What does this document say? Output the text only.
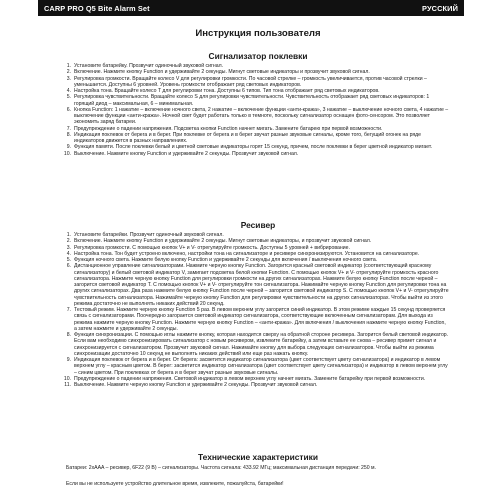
CARP PRO Q5 Bite Alarm Set	РУССКИЙ
Инструкция пользователя
Сигнализатор поклевки
1. Установите батарейку. Прозвучит одиночный звуковой сигнал.
2. Включение. Нажмите кнопку Function и удерживайте 2 секунды. Мигнут световые индикаторы и прозвучит звуковой сигнал.
3. Регулировка громкости. Вращайте колесо V для регулировки громкости. По часовой стрелке – громкость увеличивается, против часовой стрелки – уменьшается. Доступны 6 уровней. Уровень громкости отображает ряд световых индикаторов.
4. Настройка тона. Вращайте колесо T для регулировки тона. Доступны 6 типов. Тип тона отображает ряд световых индикаторов.
5. Регулировка чувствительности. Вращайте колесо S для регулировки чувствительности. Чувствительность отображает ряд световых индикаторов: 1 горящий диод – максимальная, 6 – минимальная.
6. Кнопка Function: 1 нажатие – включение ночного света, 2 нажатие – включение функции «анти-кража», 3 нажатие – выключение ночного света, 4 нажатие – выключение функции «анти-кража». Ночной свет будет работать только в темноте, поскольку сигнализатор оснащен фото-сенсором. Это позволяет экономить заряд батареи.
7. Предупреждение о падении напряжения. Подсветка кнопки Function начнет мигать. Замените батарею при первой возможности.
8. Индикация поклевок от берега и в берег. При поклевке от берега и в берег звучат разные звуковые сигналы, кроме того, бегущий огонек на ряде индикаторов движется в разных направлениях.
9. Функция памяти. После поклевки белый и цветной световые индикаторы горят 15 секунд, причем, после поклевки в берег цветной индикатор мигает.
10. Выключение. Нажмите кнопку Function и удерживайте 2 секунды. Прозвучит звуковой сигнал.
Ресивер
1. Установите батарейки. Прозвучит одиночный звуковой сигнал.
2. Включение. Нажмите кнопку Function и удерживайте 2 секунды. Мигнут световые индикаторы, и прозвучит звуковой сигнал.
3. Регулировка громкости. С помощью кнопок V+ и V- отрегулируйте громкость. Доступны 5 уровней + вибрирование.
4. Настройка тона. Тон будет устроено включено, настройки тона на сигнализаторе и ресивере синхронизируются. Установится на сигнализаторе.
5. Функция ночного света. Нажмите белую кнопку Function и удерживайте 2 секунды для включения / выключения ночного света.
6. Дистанционное управление сигнализаторами. Нажмите черную кнопку Function. Загорится красный световой индикатор (соответствующий красному сигнализатору) и белый световой индикатор V, замигает подсветка белой кнопки Function. С помощью кнопок V+ и V- отрегулируйте громкость красного сигнализатора. Нажмите черную кнопку Function для регулировки громкости на других сигнализаторах. Нажмите белую кнопку Function после черной – загорится световой индикатор T. С помощью кнопок V+ и V- отрегулируйте тон сигнализатора. Нажимайте черную кнопку Function для регулировки тона на других сигнализаторах. Два раза нажмите белую кнопку Function после черной – загорится световой индикатор S. С помощью кнопок V+ и V- отрегулируйте чувствительность сигнализатора. Нажимайте черную кнопку Function для регулировки чувствительности на других сигнализаторах. Чтобы выйти из этого режима достаточно не выполнять никаких действий 20 секунд.
7. Тестовый режим. Нажмите черную кнопку Function 5 раз. В левом верхнем углу загорится синий индикатор. В этом режиме каждые 15 секунд проверяется связь с сигнализаторами. Поочередно загорается световой индикатор сигнализатора, соответствующие включенным сигнализаторам. Для выхода из режима нажмите черную кнопку Function. Нажмите черную кнопку Function – «анти-кража». Для включения / выключения нажмите черную кнопку Function, а затем нажмите и удерживайте 2 секунды.
8. Функция синхронизации. С помощью иглы нажмите кнопку, которая находится сверху на обратной стороне ресивера. Загорится белый световой индикатор. Если вам необходимо синхронизировать сигнализатор с новым ресивером, извлеките батарейку, а затем вставьте ее снова – ресивер примет сигнал и синхронизируется с сигнализатором. Прозвучит звуковой сигнал. Нажимайте кнопку для выбора следующих сигнализаторов. Чтобы выйти из режима синхронизации достаточно 10 секунд не выполнять никаких действий или еще раз нажать кнопку.
9. Индикация поклевок от берега и в берег. От берега: засветится индикатор сигнализатора (цвет соответствует цвету сигнализатора) и индикатор в левом верхнем углу – красным цветом. В берег: засветится индикатор сигнализатора (цвет соответствует цвету сигнализатора) и индикатор в левом верхнем углу – синим цветом. При поклевках от берега и в берег звучат разные звуковые сигналы.
10. Предупреждение о падении напряжения. Световой индикатор в левом верхнем углу начнет мигать. Замените батарейку при первой возможности.
11. Выключение. Нажмите черную кнопку Function и удерживайте 2 секунды. Прозвучит звуковой сигнал.
Технические характеристики
Батареи: 2xAAA – ресивер, 6F22 (9 В) – сигнализаторы. Частота сигнала: 433.92 МГц; максимальная дистанция передачи: 250 м.
Если вы не используете устройство длительное время, извлеките, пожалуйста, батарейки!
